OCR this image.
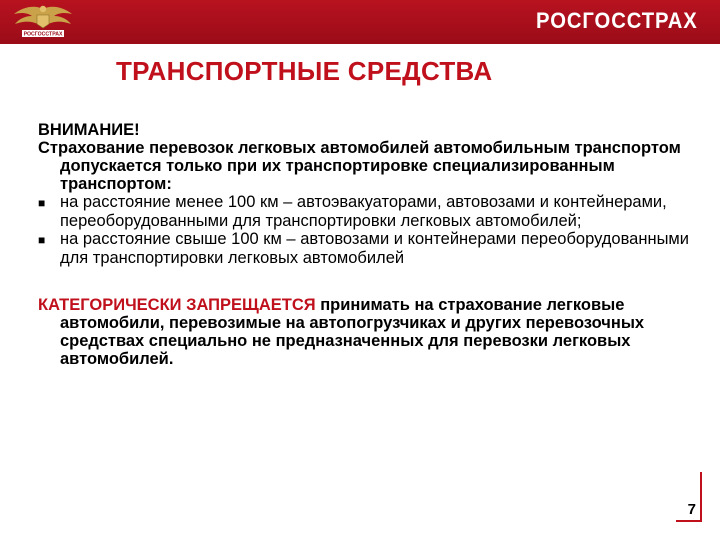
РОСГОССТРАХ
РОСГОССТРАХ
ТРАНСПОРТНЫЕ СРЕДСТВА

ВНИМАНИЕ!

Страхование перевозок легковых автомобилей автомобильным транспортом допускается только при их транспортировке специализированным транспортом:

■ на расстояние менее 100 км – автоэвакуаторами, автовозами и контейнерами, переоборудованными для транспортировки легковых автомобилей;

■ на расстояние свыше 100 км – автовозами и контейнерами переоборудованными для транспортировки легковых автомобилей

КАТЕГОРИЧЕСКИ ЗАПРЕЩАЕТСЯ принимать на страхование легковые автомобили, перевозимые на автопогрузчиках и других перевозочных средствах специально не предназначенных для перевозки легковых автомобилей.

7
